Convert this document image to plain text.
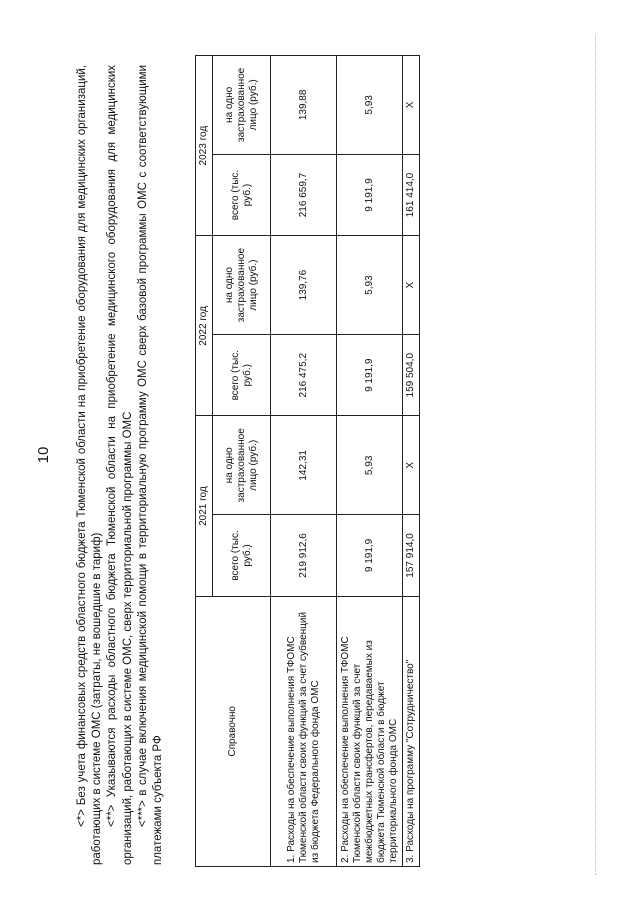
10 <*> Без учета финансовых средств областного бюджета Тюменской области на приобретение оборудования для медицинских организаций, работающих в системе ОМС (затраты, не вошедшие в тариф) <**> Указываются расходы областного бюджета Тюменской области на приобретение медицинского оборудования для медицинских организаций, работающих в системе ОМС, сверх территориальной программы ОМС <***> в случае включения медицинской помощи в территориальную программу ОМС сверх базовой программы ОМС с соответствующими платежами субъекта РФ

Справочно	2021 год		2022 год		2023 год	
	всего (тыс. руб.)	на одно застрахованное лицо (руб.)	всего (тыс. руб.)	на одно застрахованное лицо (руб.)	всего (тыс. руб.)	на одно застрахованное лицо (руб.)
1. Расходы на обеспечение выполнения ТФОМС Тюменской области своих функций за счет субвенций из бюджета Федерального фонда ОМС	219 912,6	142,31	216 475,2	139,76	216 659,7	139,88
2. Расходы на обеспечение выполнения ТФОМС Тюменской области своих функций за счет межбюджетных трансфертов, передаваемых из бюджета Тюменской области в бюджет территориального фонда ОМС	9 191,9	5,93	9 191,9	5,93	9 191,9	5,93
3. Расходы на программу "Сотрудничество"	157 914,0	X	159 504,0	X	161 414,0	X
